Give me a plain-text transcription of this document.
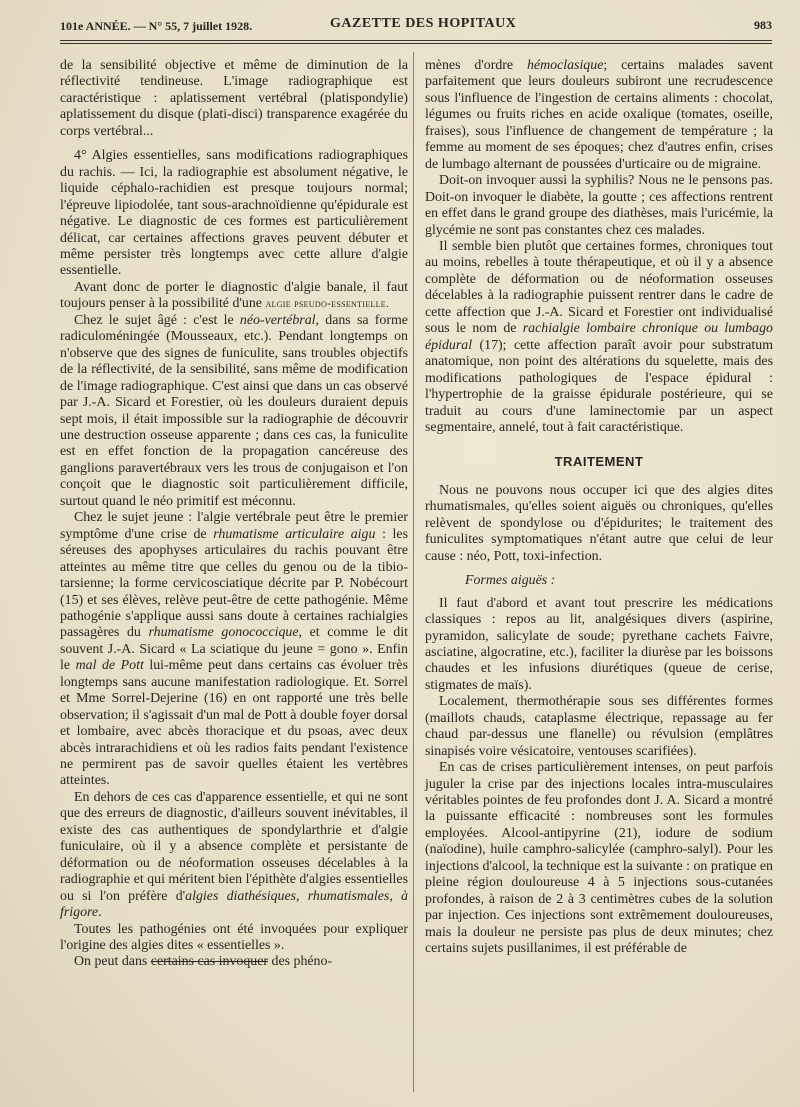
101e ANNÉE. — N° 55, 7 juillet 1928.	GAZETTE DES HOPITAUX	983

de la sensibilité objective et même de diminution de la réflectivité tendineuse. L'image radiographique est caractéristique : aplatissement vertébral (platispondylie) aplatissement du disque (plati-disci) transparence exagérée du corps vertébral...

4° Algies essentielles, sans modifications radiographiques du rachis. — Ici, la radiographie est absolument négative, le liquide céphalo-rachidien est presque toujours normal; l'épreuve lipiodolée, tant sous-arachnoïdienne qu'épidurale est négative. Le diagnostic de ces formes est particulièrement délicat, car certaines affections graves peuvent débuter et même persister très longtemps avec cette allure d'algie essentielle.

Avant donc de porter le diagnostic d'algie banale, il faut toujours penser à la possibilité d'une algie pseudo-essentielle.

Chez le sujet âgé : c'est le néo-vertébral, dans sa forme radiculoméningée (Mousseaux, etc.). Pendant longtemps on n'observe que des signes de funiculite, sans troubles objectifs de la réflectivité, de la sensibilité, sans même de modification de l'image radiographique. C'est ainsi que dans un cas observé par J.-A. Sicard et Forestier, où les douleurs duraient depuis sept mois, il était impossible sur la radiographie de découvrir une destruction osseuse apparente ; dans ces cas, la funiculite est en effet fonction de la propagation cancéreuse des ganglions paravertébraux vers les trous de conjugaison et l'on conçoit que le diagnostic soit particulièrement difficile, surtout quand le néo primitif est méconnu.

Chez le sujet jeune : l'algie vertébrale peut être le premier symptôme d'une crise de rhumatisme articulaire aigu : les séreuses des apophyses articulaires du rachis pouvant être atteintes au même titre que celles du genou ou de la tibio-tarsienne; la forme cervicosciatique décrite par P. Nobécourt (15) et ses élèves, relève peut-être de cette pathogénie. Même pathogénie s'applique aussi sans doute à certaines rachialgies passagères du rhumatisme gonococcique, et comme le dit souvent J.-A. Sicard « La sciatique du jeune = gono ». Enfin le mal de Pott lui-même peut dans certains cas évoluer très longtemps sans aucune manifestation radiologique. Et. Sorrel et Mme Sorrel-Dejerine (16) en ont rapporté une très belle observation; il s'agissait d'un mal de Pott à double foyer dorsal et lombaire, avec abcès thoracique et du psoas, avec deux abcès intrarachidiens et où les radios faits pendant l'existence ne permirent pas de savoir quelles étaient les vertèbres atteintes.

En dehors de ces cas d'apparence essentielle, et qui ne sont que des erreurs de diagnostic, d'ailleurs souvent inévitables, il existe des cas authentiques de spondylarthrie et d'algie funiculaire, où il y a absence complète et persistante de déformation ou de néoformation osseuses décelables à la radiographie et qui méritent bien l'épithète d'algies essentielles ou si l'on préfère d'algies diathésiques, rhumatismales, à frigore.

Toutes les pathogénies ont été invoquées pour expliquer l'origine des algies dites « essentielles ».

On peut dans certains cas invoquer des phéno-

mènes d'ordre hémoclasique; certains malades savent parfaitement que leurs douleurs subiront une recrudescence sous l'influence de l'ingestion de certains aliments : chocolat, légumes ou fruits riches en acide oxalique (tomates, oseille, fraises), sous l'influence de changement de température ; la femme au moment de ses époques; chez d'autres enfin, crises de lumbago alternant de poussées d'urticaire ou de migraine.

Doit-on invoquer aussi la syphilis? Nous ne le pensons pas. Doit-on invoquer le diabète, la goutte ; ces affections rentrent en effet dans le grand groupe des diathèses, mais l'uricémie, la glycémie ne sont pas constantes chez ces malades.

Il semble bien plutôt que certaines formes, chroniques tout au moins, rebelles à toute thérapeutique, et où il y a absence complète de déformation ou de néoformation osseuses décelables à la radiographie puissent rentrer dans le cadre de cette affection que J.-A. Sicard et Forestier ont individualisé sous le nom de rachialgie lombaire chronique ou lumbago épidural (17); cette affection paraît avoir pour substratum anatomique, non point des altérations du squelette, mais des modifications pathologiques de l'espace épidural : l'hypertrophie de la graisse épidurale postérieure, qui se traduit au cours d'une laminectomie par un aspect segmentaire, annelé, tout à fait caractéristique.

TRAITEMENT

Nous ne pouvons nous occuper ici que des algies dites rhumatismales, qu'elles soient aiguës ou chroniques, qu'elles relèvent de spondylose ou d'épidurites; le traitement des funiculites symptomatiques n'étant autre que celui de leur cause : néo, Pott, toxi-infection.

Formes aiguës :

Il faut d'abord et avant tout prescrire les médications classiques : repos au lit, analgésiques divers (aspirine, pyramidon, salicylate de soude; pyrethane cachets Faivre, asciatine, algocratine, etc.), faciliter la diurèse par les boissons chaudes et les infusions diurétiques (queue de cerise, stigmates de maïs).

Localement, thermothérapie sous ses différentes formes (maillots chauds, cataplasme électrique, repassage au fer chaud par-dessus une flanelle) ou révulsion (emplâtres sinapisés voire vésicatoire, ventouses scarifiées).

En cas de crises particulièrement intenses, on peut parfois juguler la crise par des injections locales intra-musculaires véritables pointes de feu profondes dont J. A. Sicard a montré la puissante efficacité : nombreuses sont les formules employées. Alcool-antipyrine (21), iodure de sodium (naïodine), huile camphro-salicylée (camphro-salyl). Pour les injections d'alcool, la technique est la suivante : on pratique en pleine région douloureuse 4 à 5 injections sous-cutanées profondes, à raison de 2 à 3 centimètres cubes de la solution par injection. Ces injections sont extrêmement douloureuses, mais la douleur ne persiste pas plus de deux minutes; chez certains sujets pusillanimes, il est préférable de
